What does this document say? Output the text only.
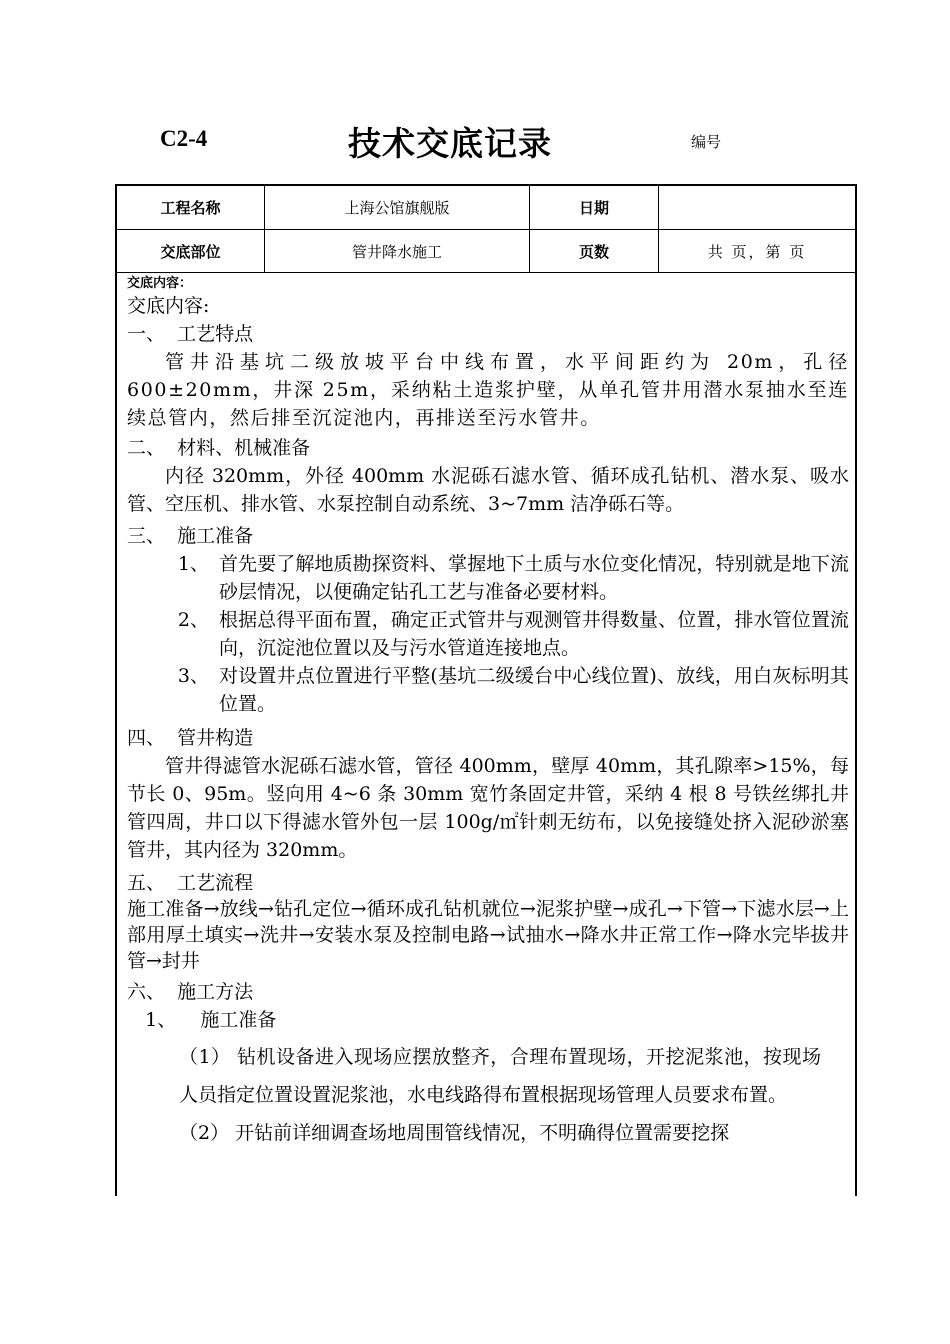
C2-4	技术交底记录	编号
工程名称	上海公馆旗舰版	日期
交底部位	管井降水施工	页数	共 页，第 页
交底内容：
交底内容:
一、  工艺特点
管井沿基坑二级放坡平台中线布置，水平间距约为 20m，孔径600±20mm，井深 25m，采纳粘土造浆护壁，从单孔管井用潜水泵抽水至连续总管内，然后排至沉淀池内，再排送至污水管井。
二、  材料、机械准备
内径 320mm，外径 400mm 水泥砾石滤水管、循环成孔钻机、潜水泵、吸水管、空压机、排水管、水泵控制自动系统、3~7mm 洁净砾石等。
三、  施工准备
1、 首先要了解地质勘探资料、掌握地下土质与水位变化情况，特别就是地下流砂层情况，以便确定钻孔工艺与准备必要材料。
2、 根据总得平面布置，确定正式管井与观测管井得数量、位置，排水管位置流向，沉淀池位置以及与污水管道连接地点。
3、 对设置井点位置进行平整(基坑二级缓台中心线位置)、放线，用白灰标明其位置。
四、  管井构造
管井得滤管水泥砾石滤水管，管径 400mm，壁厚 40mm，其孔隙率>15%，每节长 0、95m。竖向用 4~6 条 30mm 宽竹条固定井管，采纳 4 根 8 号铁丝绑扎井管四周，井口以下得滤水管外包一层 100g/㎡针刺无纺布，以免接缝处挤入泥砂淤塞管井，其内径为 320mm。
五、  工艺流程
施工准备→放线→钻孔定位→循环成孔钻机就位→泥浆护壁→成孔→下管→下滤水层→上部用厚土填实→洗井→安装水泵及控制电路→试抽水→降水井正常工作→降水完毕拔井管→封井
六、  施工方法
1、    施工准备
（1） 钻机设备进入现场应摆放整齐，合理布置现场，开挖泥浆池，按现场人员指定位置设置泥浆池，水电线路得布置根据现场管理人员要求布置。
（2） 开钻前详细调查场地周围管线情况，不明确得位置需要挖探
